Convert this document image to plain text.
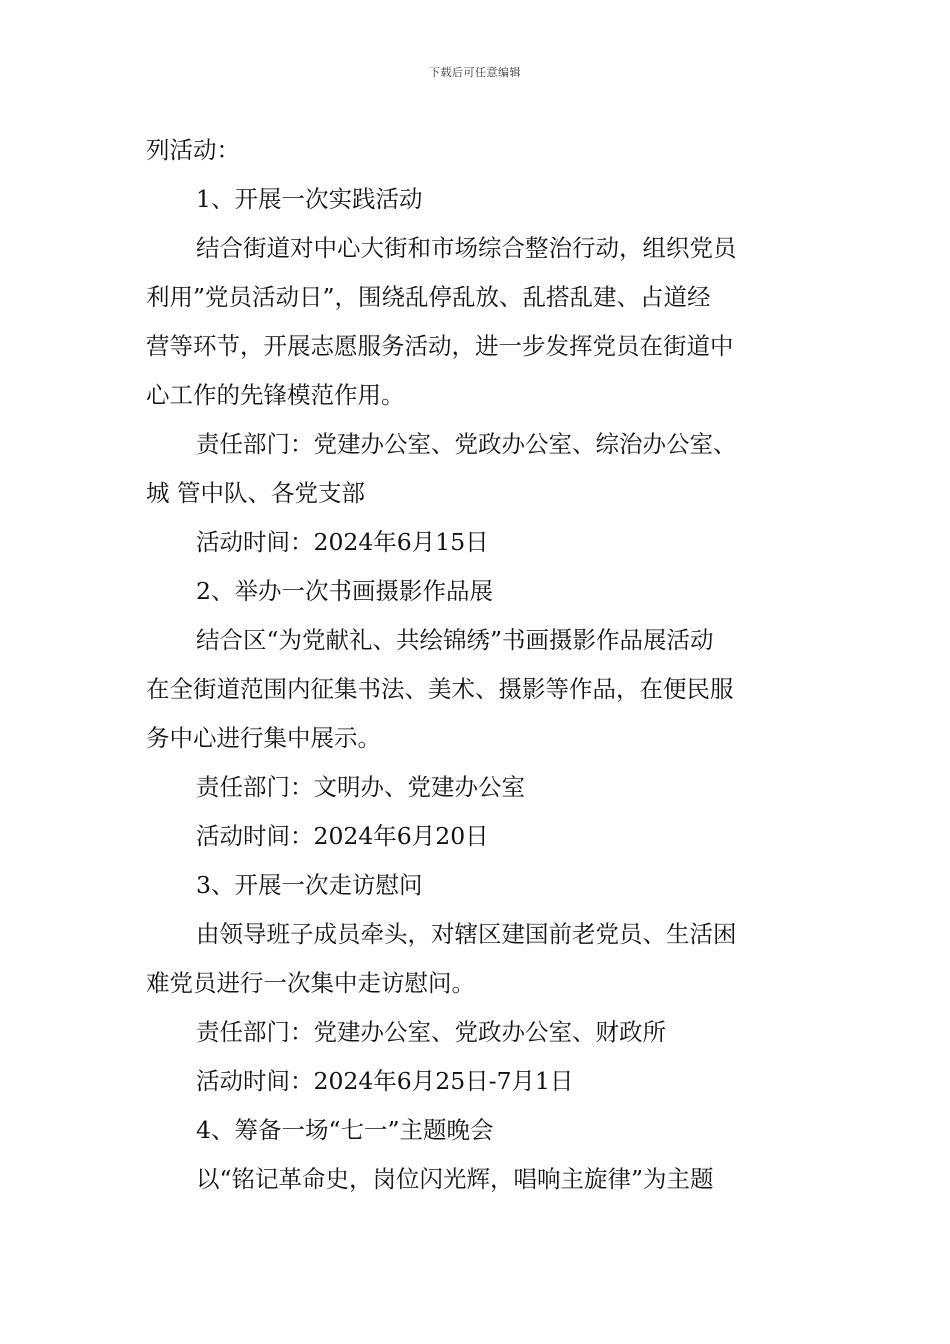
下载后可任意编辑
列活动：
1、开展一次实践活动
结合街道对中心大街和市场综合整治行动，组织党员
利用”党员活动日”，围绕乱停乱放、乱搭乱建、占道经
营等环节，开展志愿服务活动，进一步发挥党员在街道中
心工作的先锋模范作用。
责任部门：党建办公室、党政办公室、综治办公室、
城 管中队、各党支部
活动时间：2024年6月15日
2、举办一次书画摄影作品展
结合区“为党献礼、共绘锦绣”书画摄影作品展活动
在全街道范围内征集书法、美术、摄影等作品，在便民服
务中心进行集中展示。
责任部门：文明办、党建办公室
活动时间：2024年6月20日
3、开展一次走访慰问
由领导班子成员牵头，对辖区建国前老党员、生活困
难党员进行一次集中走访慰问。
责任部门：党建办公室、党政办公室、财政所
活动时间：2024年6月25日-7月1日
4、筹备一场“七一”主题晚会
以“铭记革命史，岗位闪光辉，唱响主旋律”为主题
